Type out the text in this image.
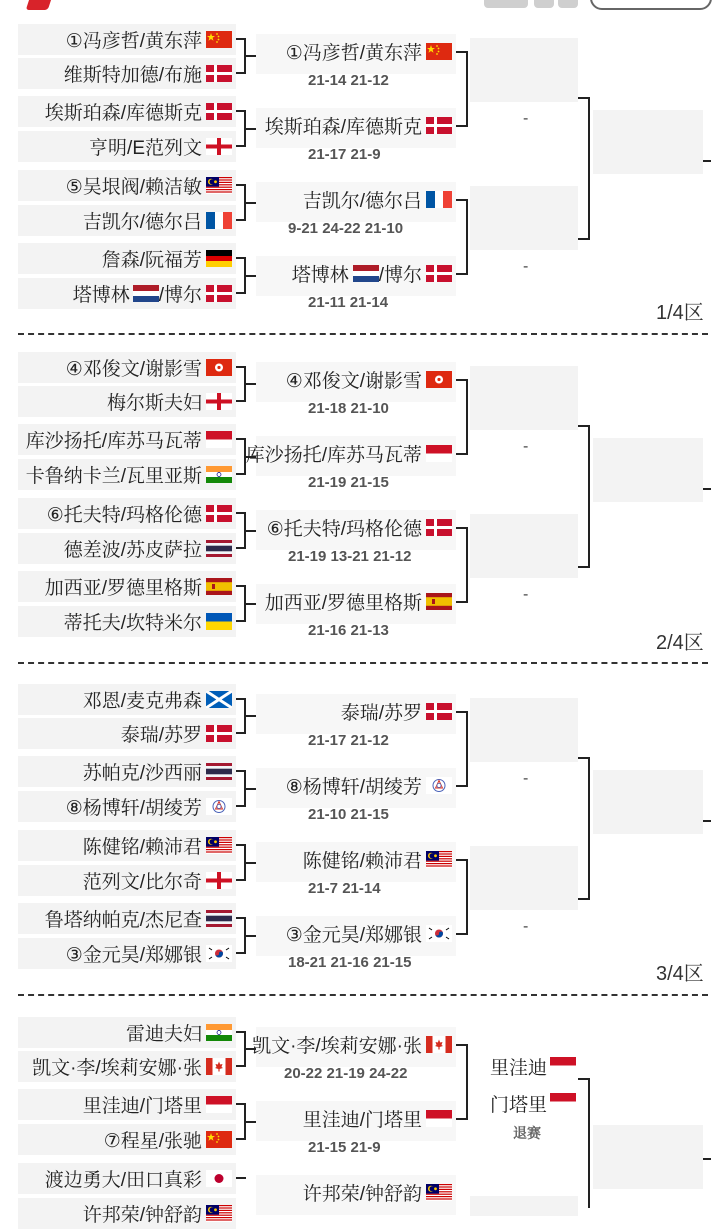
①冯彦哲/黄东萍
维斯特加德/布施
埃斯珀森/库德斯克
亨明/E范列文
⑤吴垠阀/赖洁敏
吉凯尔/德尔吕
詹森/阮福芳
塔博林 /博尔
①冯彦哲/黄东萍
21-14 21-12
埃斯珀森/库德斯克
21-17 21-9
吉凯尔/德尔吕
9-21 24-22 21-10
塔博林 /博尔
21-11 21-14
-
-
1/4区
④邓俊文/谢影雪
梅尔斯夫妇
库沙扬托/库苏马瓦蒂
卡鲁纳卡兰/瓦里亚斯
⑥托夫特/玛格伦德
德差波/苏皮萨拉
加西亚/罗德里格斯
蒂托夫/坎特米尔
④邓俊文/谢影雪
21-18 21-10
库沙扬托/库苏马瓦蒂
21-19 21-15
⑥托夫特/玛格伦德
21-19 13-21 21-12
加西亚/罗德里格斯
21-16 21-13
-
-
2/4区
邓恩/麦克弗森
泰瑞/苏罗
苏帕克/沙西丽
⑧杨博轩/胡绫芳
陈健铭/赖沛君
范列文/比尔奇
鲁塔纳帕克/杰尼查
③金元昊/郑娜银
泰瑞/苏罗
21-17 21-12
⑧杨博轩/胡绫芳
21-10 21-15
陈健铭/赖沛君
21-7 21-14
③金元昊/郑娜银
18-21 21-16 21-15
-
-
3/4区
雷迪夫妇
凯文·李/埃莉安娜·张
里洼迪/门塔里
⑦程星/张驰
渡边勇大/田口真彩
许邦荣/钟舒韵
凯文·李/埃莉安娜·张
20-22 21-19 24-22
里洼迪/门塔里
21-15 21-9
许邦荣/钟舒韵
里洼迪
门塔里
退赛
